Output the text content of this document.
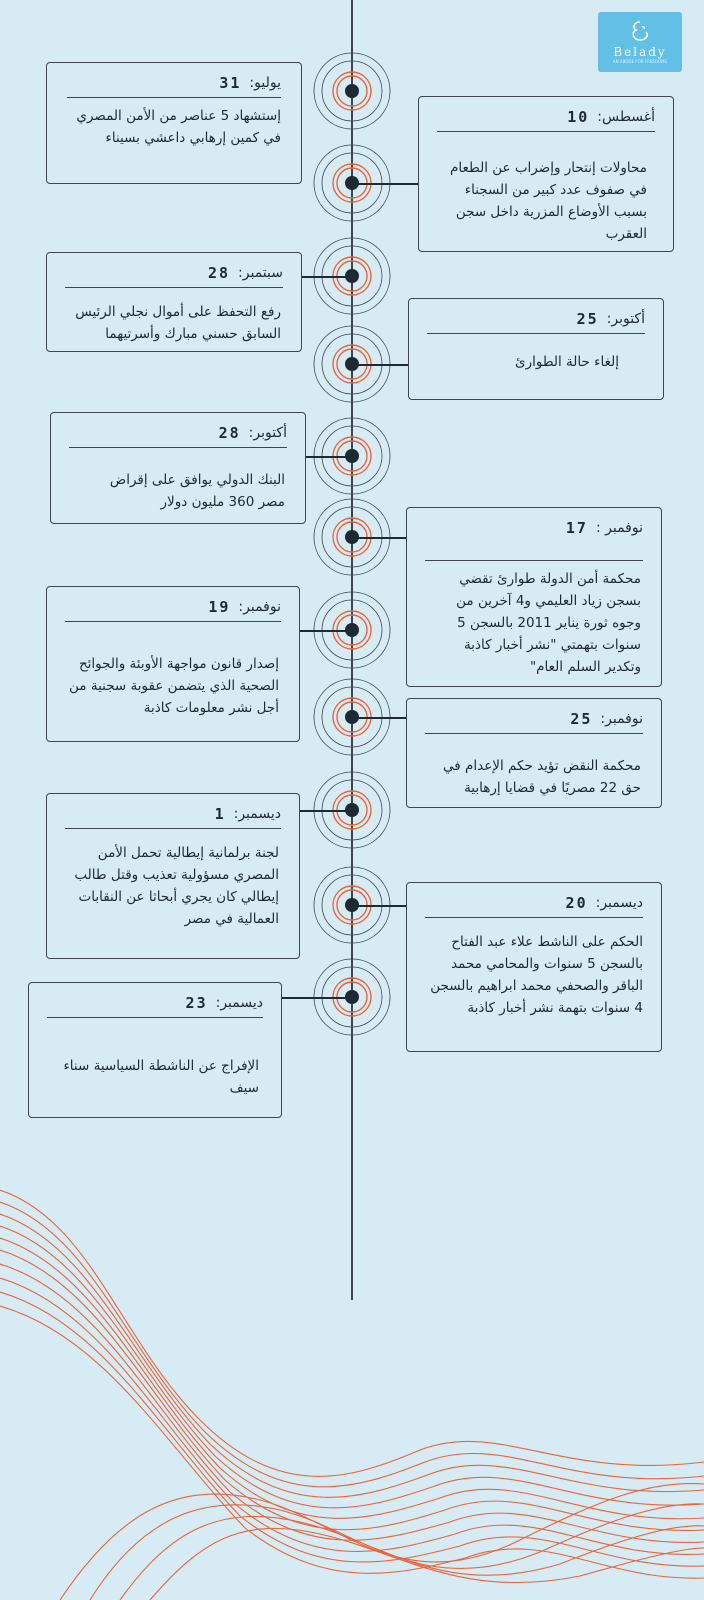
Belady
AN ABODE FOR FREEDOMS
31 يوليو:
إستشهاد 5 عناصر من الأمن المصري في كمين إرهابي داعشي بسيناء
10 أغسطس:
محاولات إنتحار وإضراب عن الطعام في صفوف عدد كبير من السجناء بسبب الأوضاع المزرية داخل سجن العقرب
28 سبتمبر:
رفع التحفظ على أموال نجلي الرئيس السابق حسني مبارك وأسرتيهما
25 أكتوبر:
إلغاء حالة الطوارئ
28 أكتوبر:
البنك الدولي يوافق على إقراض مصر 360 مليون دولار
17 نوفمبر :
محكمة أمن الدولة طوارئ تقضي بسجن زياد العليمي و4 آخرين من وجوه ثورة يناير 2011 بالسجن 5 سنوات بتهمتي "نشر أخبار كاذبة وتكدير السلم العام"
19 نوفمبر:
إصدار قانون مواجهة الأوبئة والجوائح الصحية الذي يتضمن عقوبة سجنية من أجل نشر معلومات كاذبة
25 نوفمبر:
محكمة النقض تؤيد حكم الإعدام في حق 22 مصريًا في قضايا إرهابية
1 ديسمبر:
لجنة برلمانية إيطالية تحمل الأمن المصري مسؤولية تعذيب وقتل طالب إيطالي كان يجري أبحاثا عن النقابات العمالية في مصر
20 ديسمبر:
الحكم على الناشط علاء عبد الفتاح بالسجن 5 سنوات والمحامي محمد الباقر والصحفي محمد ابراهيم بالسجن 4 سنوات بتهمة نشر أخبار كاذبة
23 ديسمبر:
الإفراج عن الناشطة السياسية سناء سيف
